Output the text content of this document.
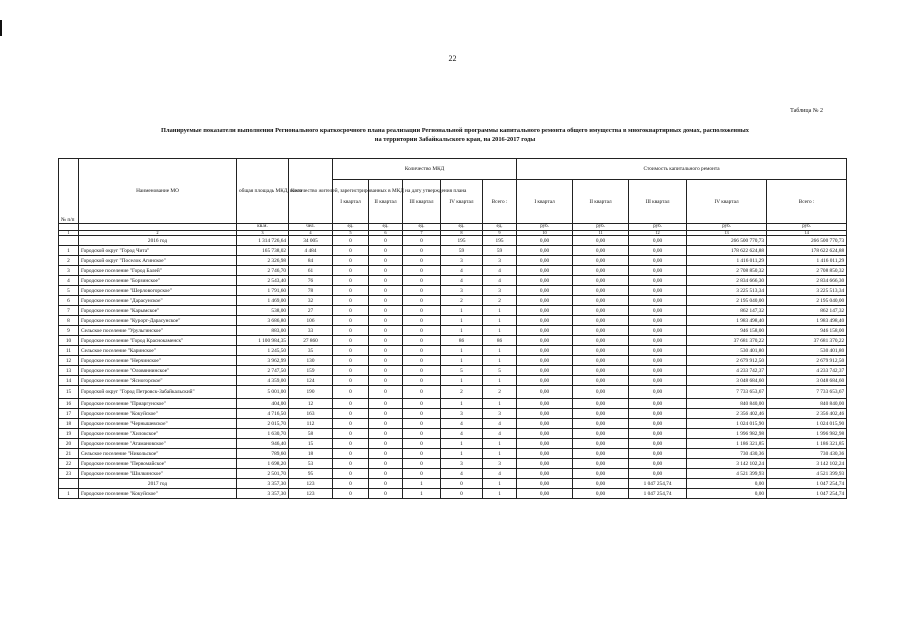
22
Таблица № 2
Планируемые показатели выполнения Регионального краткосрочного плана реализации Региональной программы капитального ремонта общего имущества в многоквартирных домах, расположенных
на территории Забайкальского края, на 2016-2017 годы
№ п/п	Наименование МО	общая площадь МКД, всего	Количество жителей, зарегистрированных в МКД на дату утверждения плана	Количество МКД					Стоимость капитального ремонта				
				I квартал	II квартал	III квартал	IV квартал	Всего :	I квартал	II квартал	III квартал	IV квартал	Всего :
		кв.м.	чел.	ед.	ед.	ед.	ед.	ед.	руб.	руб.	руб.	руб.	руб.
1	2	3	4	5	6	7	8	9	10	11	12	13	14
	2016 год	1 314 726,64	34 005	0	0	0	195	195	0,00	0,00	0,00	266 500 770,73	266 500 770,73
1	Городской округ "Город Чита"	165 738,02	4 484	0	0	0	59	59	0,00	0,00	0,00	178 622 624,88	178 622 624,88
2	Городской округ "Поселок Агинское"	2 326,98	84	0	0	0	3	3	0,00	0,00	0,00	1 416 011,29	1 416 011,29
3	Городское поселение "Город Балей"	2 746,70	61	0	0	0	4	4	0,00	0,00	0,00	2 708 850,32	2 708 850,32
4	Городское поселение "Борзинское"	2 543,40	76	0	0	0	4	4	0,00	0,00	0,00	2 834 666,30	2 834 666,30
5	Городское поселение "Шерловогорское"	1 791,60	78	0	0	0	3	3	0,00	0,00	0,00	3 225 513,34	3 225 513,34
6	Городское поселение "Дарасунское"	1 469,00	32	0	0	0	2	2	0,00	0,00	0,00	2 195 040,00	2 195 040,00
7	Городское поселение "Карымское"	538,00	27	0	0	0	1	1	0,00	0,00	0,00	862 147,32	862 147,32
8	Городское поселение "Курорт-Дарасунское"	3 686,80	106	0	0	0	1	1	0,00	0,00	0,00	1 983 498,40	1 983 498,40
9	Сельское поселение "Урульгинское"	883,00	33	0	0	0	1	1	0,00	0,00	0,00	946 158,00	946 158,00
10	Городское поселение "Город Краснокаменск"	1 100 984,35	27 860	0	0	0	86	86	0,00	0,00	0,00	37 681 370,22	37 681 370,22
11	Сельское поселение "Каринское"	1 245,50	35	0	0	0	1	1	0,00	0,00	0,00	530 401,80	530 401,80
12	Городское поселение "Нерчинское"	3 962,99	130	0	0	0	1	1	0,00	0,00	0,00	2 679 912,50	2 679 912,50
13	Городское поселение "Оловяннинское"	2 747,50	159	0	0	0	5	5	0,00	0,00	0,00	4 233 742,37	4 233 742,37
14	Городское поселение "Ясногорское"	4 359,00	124	0	0	0	1	1	0,00	0,00	0,00	3 048 684,60	3 048 684,60
15	Городской округ "Город Петровск-Забайкальский"	5 001,00	190	0	0	0	2	2	0,00	0,00	0,00	7 733 653,67	7 733 653,67
16	Городское поселение "Приаргунское"	404,00	12	0	0	0	1	1	0,00	0,00	0,00	840 840,00	840 840,00
17	Городское поселение "Кокуйское"	4 716,50	163	0	0	0	3	3	0,00	0,00	0,00	2 356 402,46	2 356 402,46
18	Городское поселение "Чернышевское"	2 015,70	112	0	0	0	4	4	0,00	0,00	0,00	1 024 015,90	1 024 015,90
19	Городское поселение "Хилокское"	1 630,70	58	0	0	0	4	4	0,00	0,00	0,00	1 996 982,98	1 996 982,98
20	Городское поселение "Атамановское"	946,40	15	0	0	0	1	1	0,00	0,00	0,00	1 186 321,85	1 186 321,85
21	Сельское поселение "Никольское"	789,60	18	0	0	0	1	1	0,00	0,00	0,00	730 430,36	730 430,36
22	Городское поселение "Первомайское"	1 698,20	53	0	0	0	3	3	0,00	0,00	0,00	3 142 102,24	3 142 102,24
23	Городское поселение "Шилкинское"	2 501,70	95	0	0	0	4	4	0,00	0,00	0,00	4 521 399,93	4 521 399,93
	2017 год	3 357,30	123	0	0	1	0	1	0,00	0,00	1 047 254,74	0,00	1 047 254,74
1	Городское поселение "Кокуйское"	3 357,30	123	0	0	1	0	1	0,00	0,00	1 047 254,74	0,00	1 047 254,74
